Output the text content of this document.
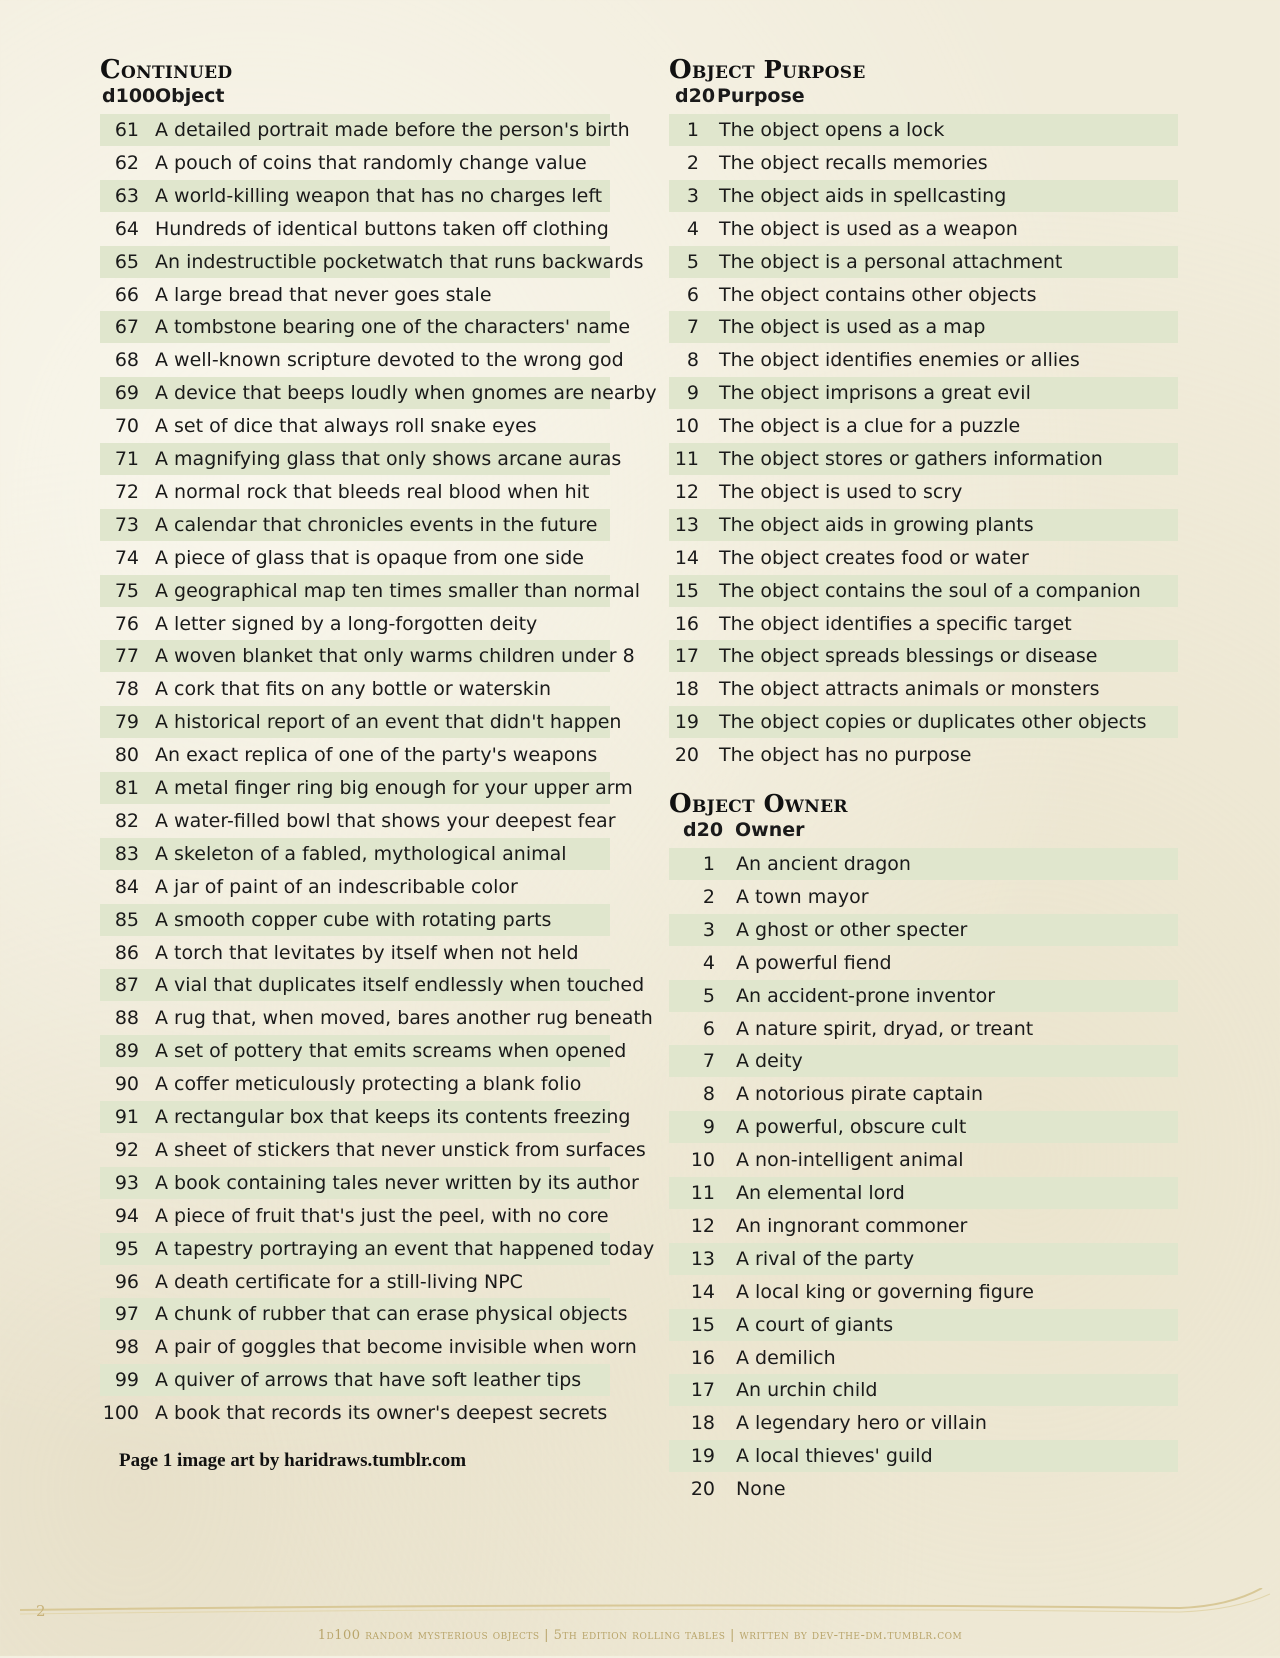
Continued
d100 Object
61 A detailed portrait made before the person's birth
62 A pouch of coins that randomly change value
63 A world-killing weapon that has no charges left
64 Hundreds of identical buttons taken off clothing
65 An indestructible pocketwatch that runs backwards
66 A large bread that never goes stale
67 A tombstone bearing one of the characters' name
68 A well-known scripture devoted to the wrong god
69 A device that beeps loudly when gnomes are nearby
70 A set of dice that always roll snake eyes
71 A magnifying glass that only shows arcane auras
72 A normal rock that bleeds real blood when hit
73 A calendar that chronicles events in the future
74 A piece of glass that is opaque from one side
75 A geographical map ten times smaller than normal
76 A letter signed by a long-forgotten deity
77 A woven blanket that only warms children under 8
78 A cork that fits on any bottle or waterskin
79 A historical report of an event that didn't happen
80 An exact replica of one of the party's weapons
81 A metal finger ring big enough for your upper arm
82 A water-filled bowl that shows your deepest fear
83 A skeleton of a fabled, mythological animal
84 A jar of paint of an indescribable color
85 A smooth copper cube with rotating parts
86 A torch that levitates by itself when not held
87 A vial that duplicates itself endlessly when touched
88 A rug that, when moved, bares another rug beneath
89 A set of pottery that emits screams when opened
90 A coffer meticulously protecting a blank folio
91 A rectangular box that keeps its contents freezing
92 A sheet of stickers that never unstick from surfaces
93 A book containing tales never written by its author
94 A piece of fruit that's just the peel, with no core
95 A tapestry portraying an event that happened today
96 A death certificate for a still-living NPC
97 A chunk of rubber that can erase physical objects
98 A pair of goggles that become invisible when worn
99 A quiver of arrows that have soft leather tips
100 A book that records its owner's deepest secrets
Page 1 image art by haridraws.tumblr.com
Object Purpose
d20 Purpose
1 The object opens a lock
2 The object recalls memories
3 The object aids in spellcasting
4 The object is used as a weapon
5 The object is a personal attachment
6 The object contains other objects
7 The object is used as a map
8 The object identifies enemies or allies
9 The object imprisons a great evil
10 The object is a clue for a puzzle
11 The object stores or gathers information
12 The object is used to scry
13 The object aids in growing plants
14 The object creates food or water
15 The object contains the soul of a companion
16 The object identifies a specific target
17 The object spreads blessings or disease
18 The object attracts animals or monsters
19 The object copies or duplicates other objects
20 The object has no purpose
Object Owner
d20 Owner
1 An ancient dragon
2 A town mayor
3 A ghost or other specter
4 A powerful fiend
5 An accident-prone inventor
6 A nature spirit, dryad, or treant
7 A deity
8 A notorious pirate captain
9 A powerful, obscure cult
10 A non-intelligent animal
11 An elemental lord
12 An ingnorant commoner
13 A rival of the party
14 A local king or governing figure
15 A court of giants
16 A demilich
17 An urchin child
18 A legendary hero or villain
19 A local thieves' guild
20 None
2
1d100 random mysterious objects | 5th edition rolling tables | written by dev-the-dm.tumblr.com
